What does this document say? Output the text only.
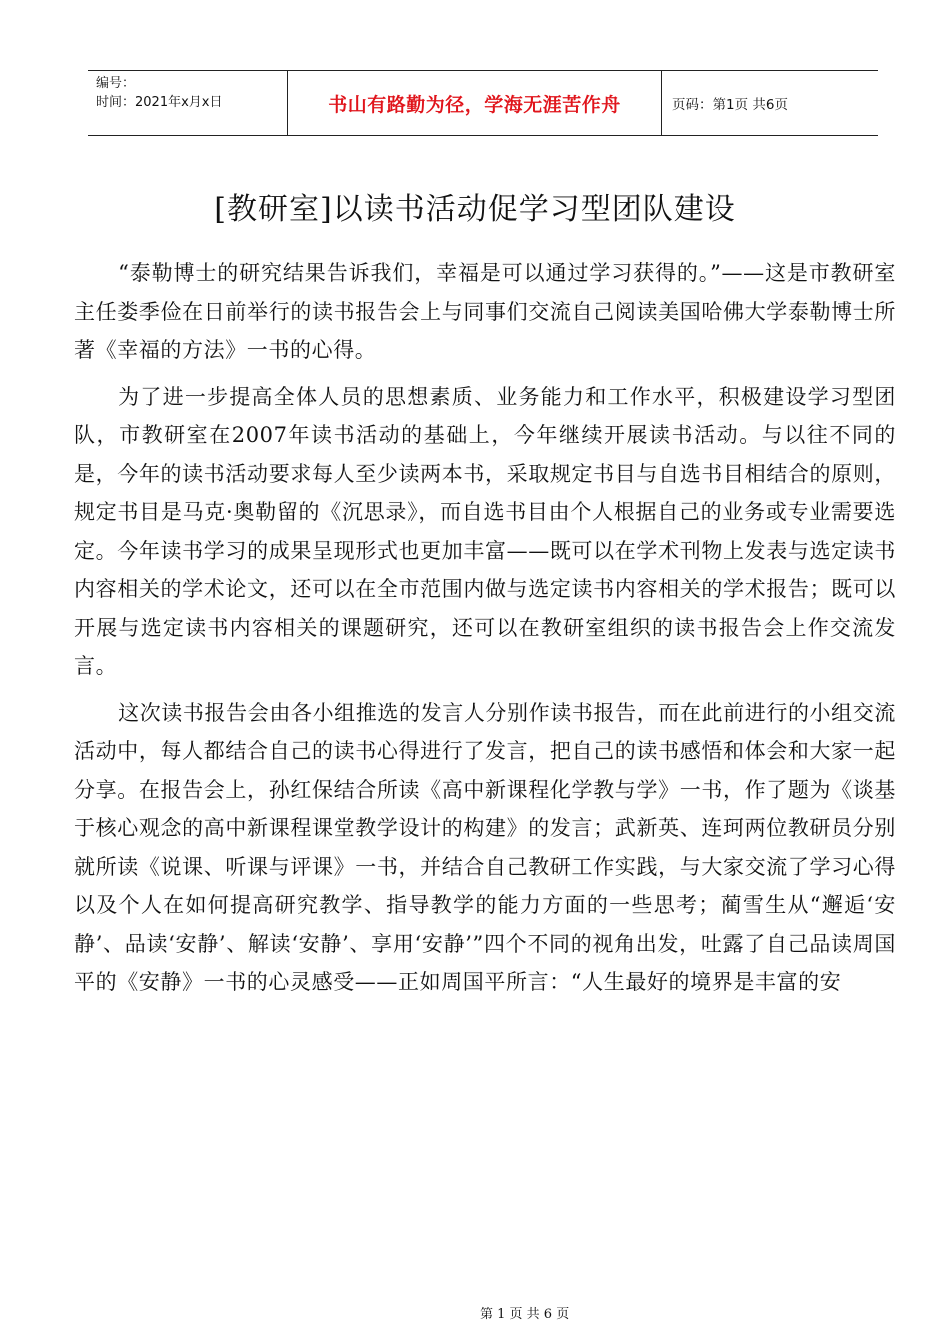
编号：
时间：2021年x月x日	书山有路勤为径，学海无涯苦作舟	页码：第1页 共6页
[教研室]以读书活动促学习型团队建设

“泰勒博士的研究结果告诉我们，幸福是可以通过学习获得的。”——这是市教研室主任娄季俭在日前举行的读书报告会上与同事们交流自己阅读美国哈佛大学泰勒博士所著《幸福的方法》一书的心得。

为了进一步提高全体人员的思想素质、业务能力和工作水平，积极建设学习型团队，市教研室在2007年读书活动的基础上，今年继续开展读书活动。与以往不同的是，今年的读书活动要求每人至少读两本书，采取规定书目与自选书目相结合的原则，规定书目是马克·奥勒留的《沉思录》，而自选书目由个人根据自己的业务或专业需要选定。今年读书学习的成果呈现形式也更加丰富——既可以在学术刊物上发表与选定读书内容相关的学术论文，还可以在全市范围内做与选定读书内容相关的学术报告；既可以开展与选定读书内容相关的课题研究，还可以在教研室组织的读书报告会上作交流发言。

这次读书报告会由各小组推选的发言人分别作读书报告，而在此前进行的小组交流活动中，每人都结合自己的读书心得进行了发言，把自己的读书感悟和体会和大家一起分享。在报告会上，孙红保结合所读《高中新课程化学教与学》一书，作了题为《谈基于核心观念的高中新课程课堂教学设计的构建》的发言；武新英、连珂两位教研员分别就所读《说课、听课与评课》一书，并结合自己教研工作实践，与大家交流了学习心得以及个人在如何提高研究教学、指导教学的能力方面的一些思考；蔺雪生从“邂逅‘安静’、品读‘安静’、解读‘安静’、享用‘安静’”四个不同的视角出发，吐露了自己品读周国平的《安静》一书的心灵感受——正如周国平所言：“人生最好的境界是丰富的安

第 1 页 共 6 页
